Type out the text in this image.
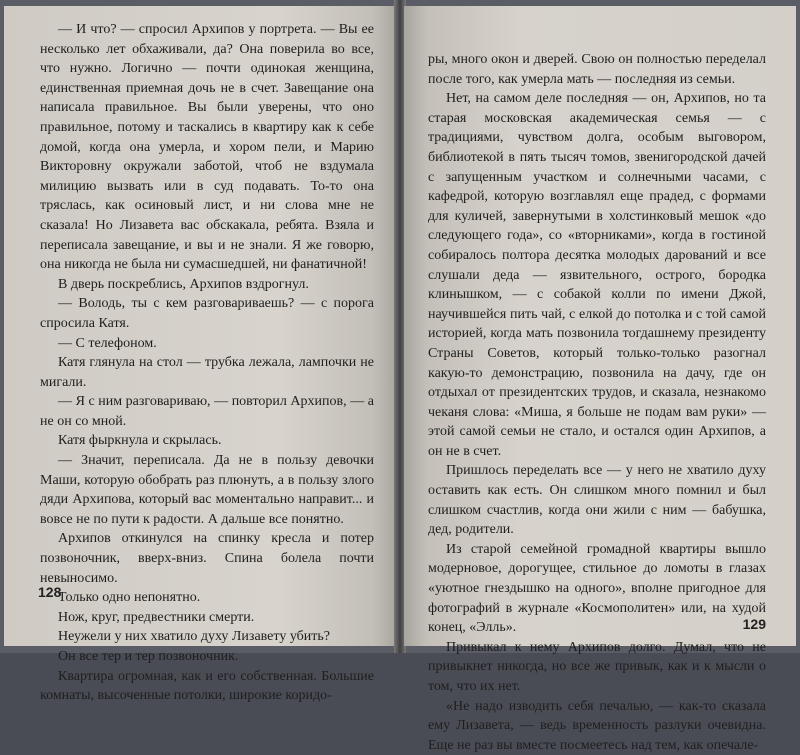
— И что? — спросил Архипов у портрета. — Вы ее несколько лет обхаживали, да? Она поверила во все, что нужно. Логично — почти одинокая женщина, единственная приемная дочь не в счет. Завещание она написала правильное. Вы были уверены, что оно правильное, потому и таскались в квартиру как к себе домой, когда она умерла, и хором пели, и Марию Викторовну окружали заботой, чтоб не вздумала милицию вызвать или в суд подавать. То-то она тряслась, как осиновый лист, и ни слова мне не сказала! Но Лизавета вас обскакала, ребята. Взяла и переписала завещание, и вы и не знали. Я же говорю, она никогда не была ни сумасшедшей, ни фанатичной!

В дверь поскреблись, Архипов вздрогнул.

— Володь, ты с кем разговариваешь? — с порога спросила Катя.

— С телефоном.

Катя глянула на стол — трубка лежала, лампочки не мигали.

— Я с ним разговариваю, — повторил Архипов, — а не он со мной.

Катя фыркнула и скрылась.

— Значит, переписала. Да не в пользу девочки Маши, которую обобрать раз плюнуть, а в пользу злого дяди Архипова, который вас моментально направит... и вовсе не по пути к радости. А дальше все понятно.

Архипов откинулся на спинку кресла и потер позвоночник, вверх-вниз. Спина болела почти невыносимо.

Только одно непонятно.

Нож, круг, предвестники смерти.

Неужели у них хватило духу Лизавету убить?

Он все тер и тер позвоночник.

Квартира огромная, как и его собственная. Большие комнаты, высоченные потолки, широкие коридо-

128

ры, много окон и дверей. Свою он полностью переделал после того, как умерла мать — последняя из семьи.

Нет, на самом деле последняя — он, Архипов, но та старая московская академическая семья — с традициями, чувством долга, особым выговором, библиотекой в пять тысяч томов, звенигородской дачей с запущенным участком и солнечными часами, с кафедрой, которую возглавлял еще прадед, с формами для куличей, завернутыми в холстинковый мешок «до следующего года», со «вторниками», когда в гостиной собиралось полтора десятка молодых дарований и все слушали деда — язвительного, острого, бородка клинышком, — с собакой колли по имени Джой, научившейся пить чай, с елкой до потолка и с той самой историей, когда мать позвонила тогдашнему президенту Страны Советов, который только-только разогнал какую-то демонстрацию, позвонила на дачу, где он отдыхал от президентских трудов, и сказала, незнакомо чеканя слова: «Миша, я больше не подам вам руки» — этой самой семьи не стало, и остался один Архипов, а он не в счет.

Пришлось переделать все — у него не хватило духу оставить как есть. Он слишком много помнил и был слишком счастлив, когда они жили с ним — бабушка, дед, родители.

Из старой семейной громадной квартиры вышло модерновое, дорогущее, стильное до ломоты в глазах «уютное гнездышко на одного», вполне пригодное для фотографий в журнале «Космополитен» или, на худой конец, «Элль».

Привыкал к нему Архипов долго. Думал, что не привыкнет никогда, но все же привык, как и к мысли о том, что их нет.

«Не надо изводить себя печалью, — как-то сказала ему Лизавета, — ведь временность разлуки очевидна. Еще не раз вы вместе посмеетесь над тем, как опечале-

129
